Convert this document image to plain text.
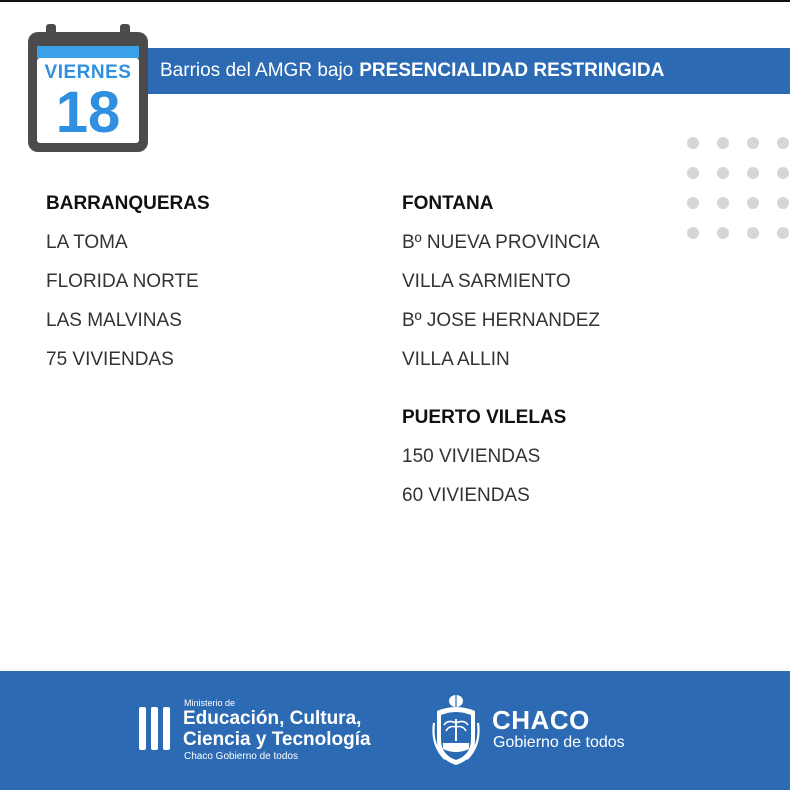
Barrios del AMGR bajo PRESENCIALIDAD RESTRINGIDA
VIERNES
18
BARRANQUERAS
LA TOMA
FLORIDA NORTE
LAS MALVINAS
75 VIVIENDAS
FONTANA
Bº NUEVA PROVINCIA
VILLA SARMIENTO
Bº JOSE HERNANDEZ
VILLA ALLIN
PUERTO VILELAS
150 VIVIENDAS
60 VIVIENDAS
Ministerio de
Educación, Cultura,
Ciencia y Tecnología
Chaco Gobierno de todos
CHACO
Gobierno de todos
